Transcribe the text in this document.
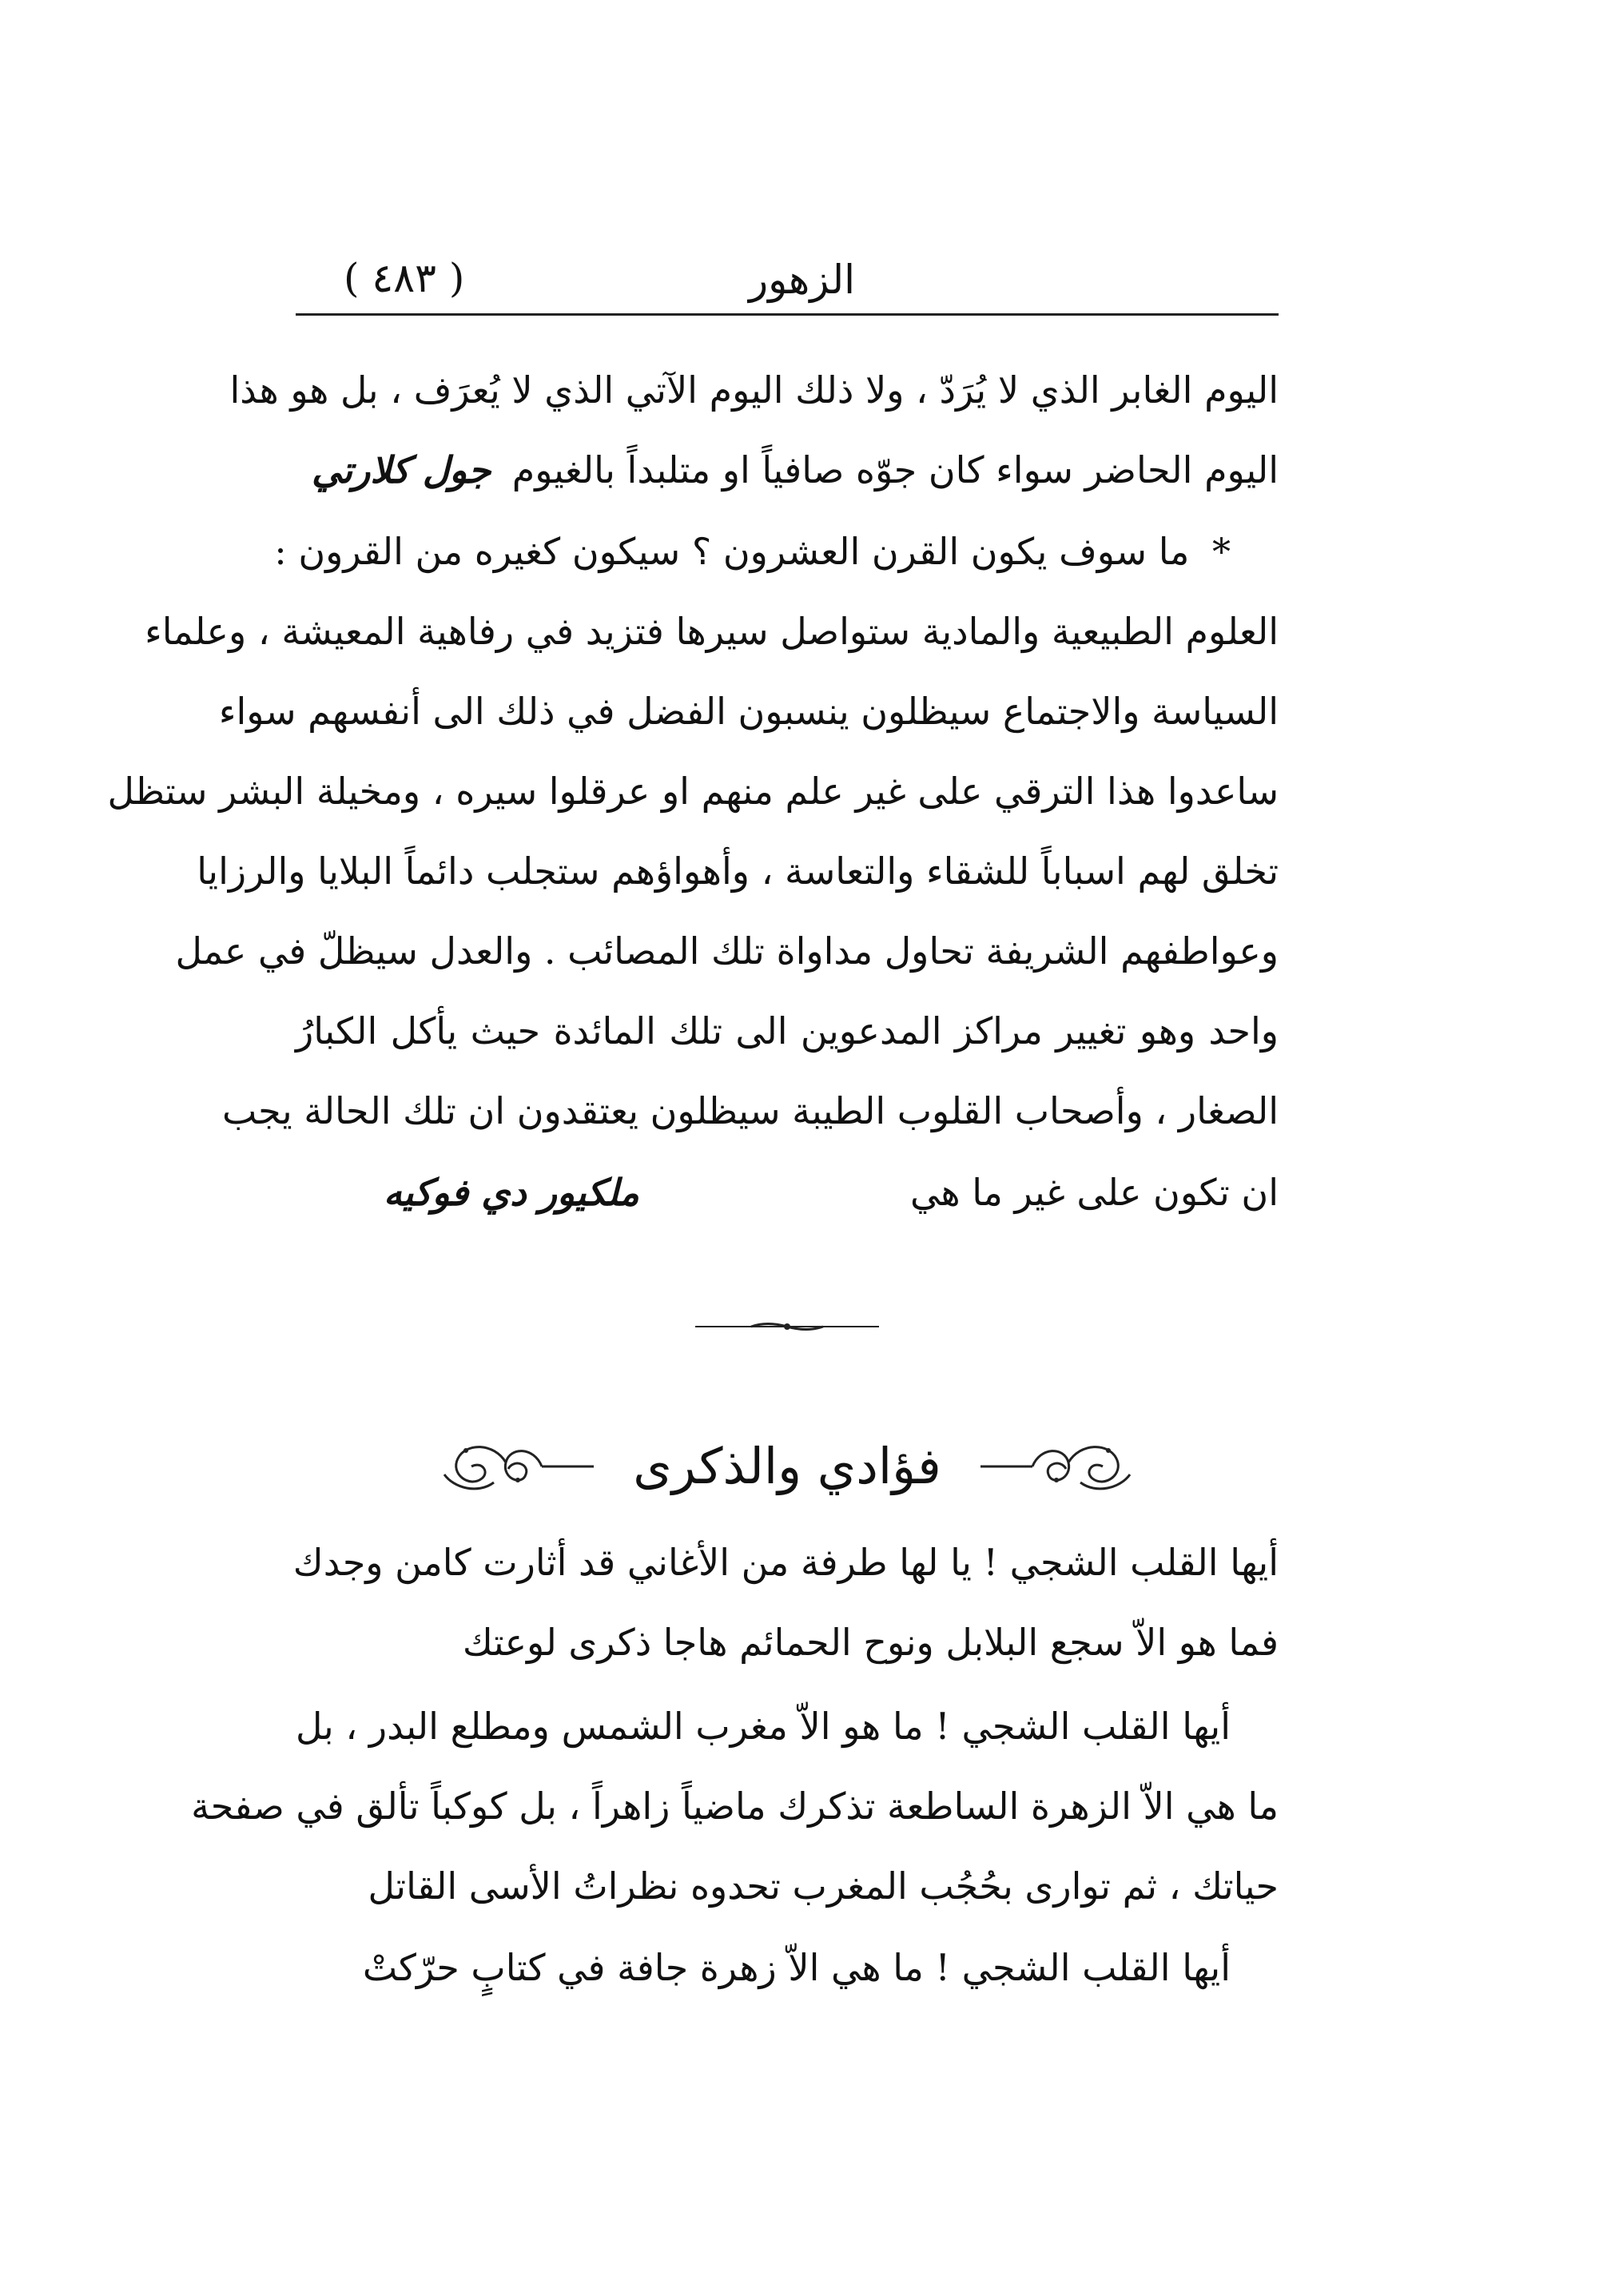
الزهور
( ٤٨٣ )
اليوم الغابر الذي لا يُرَدّ ، ولا ذلك اليوم الآتي الذي لا يُعرَف ، بل هو هذا
اليوم الحاضر سواء كان جوّه صافياً او متلبداً بالغيوم
جول كلارتي
* ما سوف يكون القرن العشرون ؟ سيكون كغيره من القرون :
العلوم الطبيعية والمادية ستواصل سيرها فتزيد في رفاهية المعيشة ، وعلماء
السياسة والاجتماع سيظلون ينسبون الفضل في ذلك الى أنفسهم سواء
ساعدوا هذا الترقي على غير علم منهم او عرقلوا سيره ، ومخيلة البشر ستظل
تخلق لهم اسباباً للشقاء والتعاسة ، وأهواؤهم ستجلب دائماً البلايا والرزايا
وعواطفهم الشريفة تحاول مداواة تلك المصائب . والعدل سيظلّ في عمل
واحد وهو تغيير مراكز المدعوين الى تلك المائدة حيث يأكل الكبارُ
الصغار ، وأصحاب القلوب الطيبة سيظلون يعتقدون ان تلك الحالة يجب
ان تكون على غير ما هي
ملكيور دي فوكيه
فؤادي والذكرى
أيها القلب الشجي ! يا لها طرفة من الأغاني قد أثارت كامن وجدك
فما هو الاّ سجع البلابل ونوح الحمائم هاجا ذكرى لوعتك
أيها القلب الشجي ! ما هو الاّ مغرب الشمس ومطلع البدر ، بل
ما هي الاّ الزهرة الساطعة تذكرك ماضياً زاهراً ، بل كوكباً تألق في صفحة
حياتك ، ثم توارى بحُجُب المغرب تحدوه نظراتُ الأسى القاتل
أيها القلب الشجي ! ما هي الاّ زهرة جافة في كتابٍ حرّكتْ
